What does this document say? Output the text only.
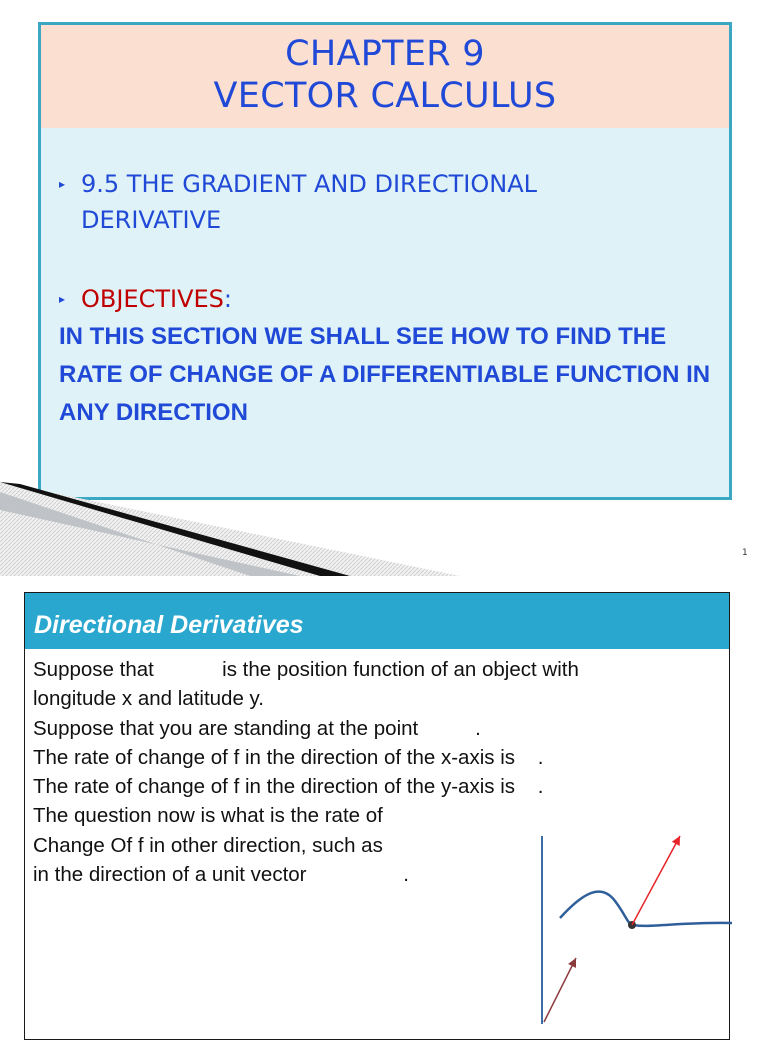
CHAPTER 9
VECTOR CALCULUS
▸ 9.5 THE GRADIENT AND DIRECTIONAL DERIVATIVE
▸ OBJECTIVES:
IN THIS SECTION WE SHALL SEE HOW TO FIND THE RATE OF CHANGE OF A DIFFERENTIABLE FUNCTION IN ANY DIRECTION
1
Directional Derivatives
Suppose that            is the position function of an object with
longitude x and latitude y.
Suppose that you are standing at the point          .
The rate of change of f in the direction of the x-axis is    .
The rate of change of f in the direction of the y-axis is    .
The question now is what is the rate of
Change Of f in other direction, such as
in the direction of a unit vector                 .
